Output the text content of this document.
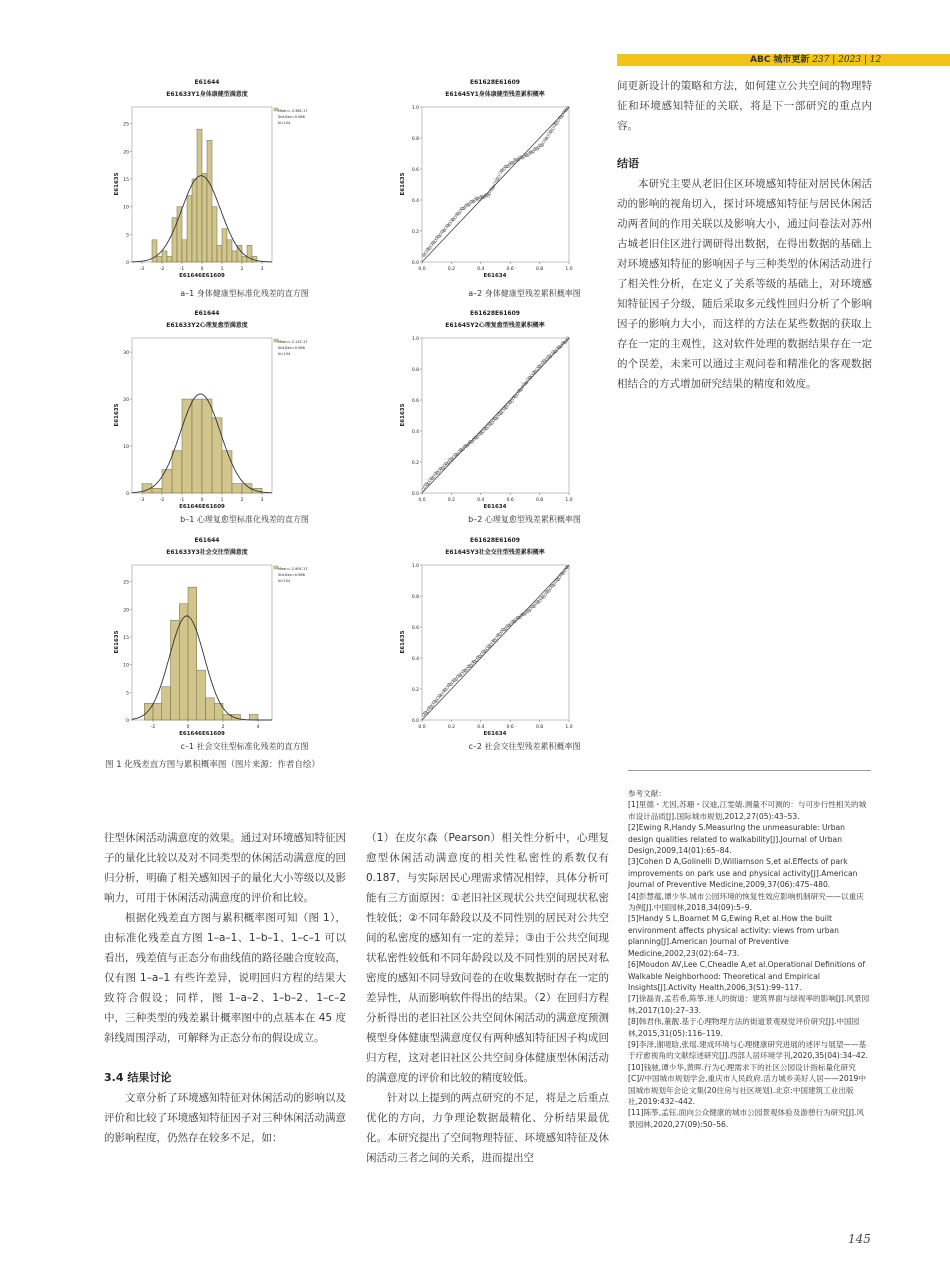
ABC 城市更新 237 | 2023 | 12
E61644
E61633Y1身体康健型满意度
0
5
10
15
20
25
-3	-2	-1	0	1	2	3
E61646E61609
E61635
Mean=-3.38E-17
Std.Dev=0.986
N=154
E61628E61609
E61645Y1身体康健型残差累积概率
0.0
0.2
0.4
0.6
0.8
1.0
0.0	0.2	0.4	0.6	0.8	1.0
E61634
E61635
E61644
E61633Y2心理复愈型满意度
0
10
20
30
-3	-2	-1	0	1	2	3
E61646E61609
E61635
Mean=-2.11E-17
Std.Dev=0.986
N=154
E61628E61609
E61645Y2心理复愈型残差累积概率
0.0
0.2
0.4
0.6
0.8
1.0
0.0	0.2	0.4	0.6	0.8	1.0
E61634
E61635
E61644
E61633Y3社会交往型满意度
0
5
10
15
20
25
-2	0	2	4
E61646E61609
E61635
Mean=-2.90E-17
Std.Dev=0.986
N=154
E61628E61609
E61645Y3社会交往型残差累积概率
0.0
0.2
0.4
0.6
0.8
1.0
0.0	0.2	0.4	0.6	0.8	1.0
E61634
E61635
a–1 身体健康型标准化残差的直方图	a–2 身体健康型残差累积概率图
b–1 心理复愈型标准化残差的直方图	b–2 心理复愈型残差累积概率图
c–1 社会交往型标准化残差的直方图	c–2 社会交往型残差累积概率图
图 1 化残差直方图与累积概率图（图片来源：作者自绘）

间更新设计的策略和方法，如何建立公共空间的物理特征和环境感知特征的关联，将是下一部研究的重点内容。

结语

本研究主要从老旧住区环境感知特征对居民休闲活动的影响的视角切入，探讨环境感知特征与居民休闲活动两者间的作用关联以及影响大小，通过问卷法对苏州古城老旧住区进行调研得出数据，在得出数据的基础上对环境感知特征的影响因子与三种类型的休闲活动进行了相关性分析，在定义了关系等级的基础上，对环境感知特征因子分级，随后采取多元线性回归分析了个影响因子的影响力大小，而这样的方法在某些数据的获取上存在一定的主观性，这对软件处理的数据结果存在一定的个误差，未来可以通过主观问卷和精准化的客观数据相结合的方式增加研究结果的精度和效度。

往型休闲活动满意度的效果。通过对环境感知特征因子的量化比较以及对不同类型的休闲活动满意度的回归分析，明确了相关感知因子的量化大小等级以及影响力，可用于休闲活动满意度的评价和比较。

根据化残差直方图与累积概率图可知（图 1），由标准化残差直方图 1–a–1、1–b–1、1–c–1 可以看出，残差值与正态分布曲线值的路径融合度较高，仅有图 1–a–1 有些许差异，说明回归方程的结果大致符合假设；同样，图 1–a–2、1–b–2、1–c–2 中，三种类型的残差累计概率图中的点基本在 45 度斜线周围浮动，可解释为正态分布的假设成立。

3.4 结果讨论

文章分析了环境感知特征对休闲活动的影响以及评价和比较了环境感知特征因子对三种休闲活动满意的影响程度，仍然存在较多不足，如：

（1）在皮尔森（Pearson）相关性分析中，心理复愈型休闲活动满意度的相关性私密性的系数仅有 0.187，与实际居民心理需求情况相悖，具体分析可能有三方面原因：①老旧社区现状公共空间现状私密性较低；②不同年龄段以及不同性别的居民对公共空间的私密度的感知有一定的差异；③由于公共空间现状私密性较低和不同年龄段以及不同性别的居民对私密度的感知不同导致问卷的在收集数据时存在一定的差异性，从而影响软件得出的结果。（2）在回归方程分析得出的老旧社区公共空间休闲活动的满意度预测模型身体健康型满意度仅有两种感知特征因子构成回归方程，这对老旧社区公共空间身体健康型休闲活动的满意度的评价和比较的精度较低。

针对以上提到的两点研究的不足，将是之后重点优化的方向，力争理论数据最精化、分析结果最优化。本研究提出了空间物理特征、环境感知特征及休闲活动三者之间的关系，进而提出空

参考文献：

[1]里德・尤因,苏珊・汉迪,江雯婧.测量不可测的：与可步行性相关的城市设计品质[J].国际城市规划,2012,27(05):43–53.

[2]Ewing R,Handy S.Measuring the unmeasurable: Urban design qualities related to walkability[J].Journal of Urban Design,2009,14(01):65–84.

[3]Cohen D A,Golinelli D,Williamson S,et al.Effects of park improvements on park use and physical activity[J].American Journal of Preventive Medicine,2009,37(06):475–480.

[4]彭慧蕴,谭少华.城市公园环境的恢复性效应影响机制研究——以重庆为例[J].中国园林,2018,34(09):5–9.

[5]Handy S L,Boarnet M G,Ewing R,et al.How the built environment affects physical activity: views from urban planning[J].American Journal of Preventive Medicine,2002,23(02):64–73.

[6]Moudon AV,Lee C,Cheadle A,et al.Operational Definitions of Walkable Neighborhood: Theoretical and Empirical Insights[J].Activity Health,2006,3(S1):99–117.

[7]徐磊青,孟若希,陈筝.迷人的街道：建筑界面与绿视率的影响[J].风景园林,2017(10):27–33.

[8]韩君伟,董靓.基于心理物理方法的街道景观视觉评价研究[J].中国园林,2015,31(05):116–119.

[9]李泽,谢唛晗,张瑶.建成环境与心理健康研究进展的述评与展望——基于疗愈视角的文献综述研究[J].西部人居环境学刊,2020,35(04):34–42.

[10]钱驰,谭少华,黄晖.行为心理需求下的社区公园设计指标量化研究[C]//中国城市规划学会,重庆市人民政府.活力城乡美好人居——2019中国城市规划年会论文集(20住房与社区规划).北京:中国建筑工业出版社,2019:432–442.

[11]陈筝,孟钰.面向公众健康的城市公园景观体验及游憩行为研究[J].风景园林,2020,27(09):50–56.

145
